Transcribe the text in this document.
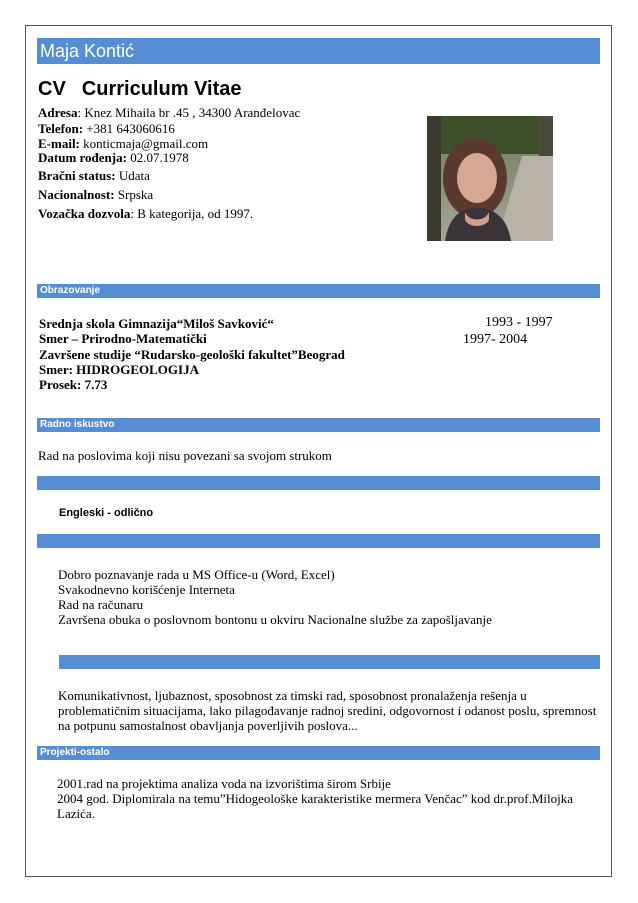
Maja Kontić
CV Curriculum Vitae
Adresa: Knez Mihaila br .45 , 34300 Aranđelovac
Telefon: +381 643060616
E-mail: konticmaja@gmail.com
Datum rođenja: 02.07.1978
Bračni status: Udata
Nacionalnost: Srpska
Vozačka dozvola: B kategorija, od 1997.
Obrazovanje
Srednja skola Gimnazija“Miloš Savković“
Smer – Prirodno-Matematički
Završene studije “Rudarsko-geološki fakultet”Beograd
Smer: HIDROGEOLOGIJA
Prosek: 7.73
1993 - 1997
1997- 2004
Radno iskustvo
Rad na poslovima koji nisu povezani sa svojom strukom
Engleski - odlično
Dobro poznavanje rada u MS Office-u (Word, Excel)
Svakodnevno korišćenje Interneta
Rad na računaru
Završena obuka o poslovnom bontonu u okviru Nacionalne službe za zapošljavanje
Komunikativnost, ljubaznost, sposobnost za timski rad, sposobnost pronalaženja rešenja u
problematičnim situacijama, lako pilagođavanje radnoj sredini, odgovornost i odanost poslu, spremnost
na potpunu samostalnost obavljanja poverljivih poslova...
Projekti-ostalo
2001.rad na projektima analiza voda na izvorištima širom Srbije
2004 god. Diplomirala na temu”Hidogeološke karakteristike mermera Venčac” kod dr.prof.Milojka
Lazića.
